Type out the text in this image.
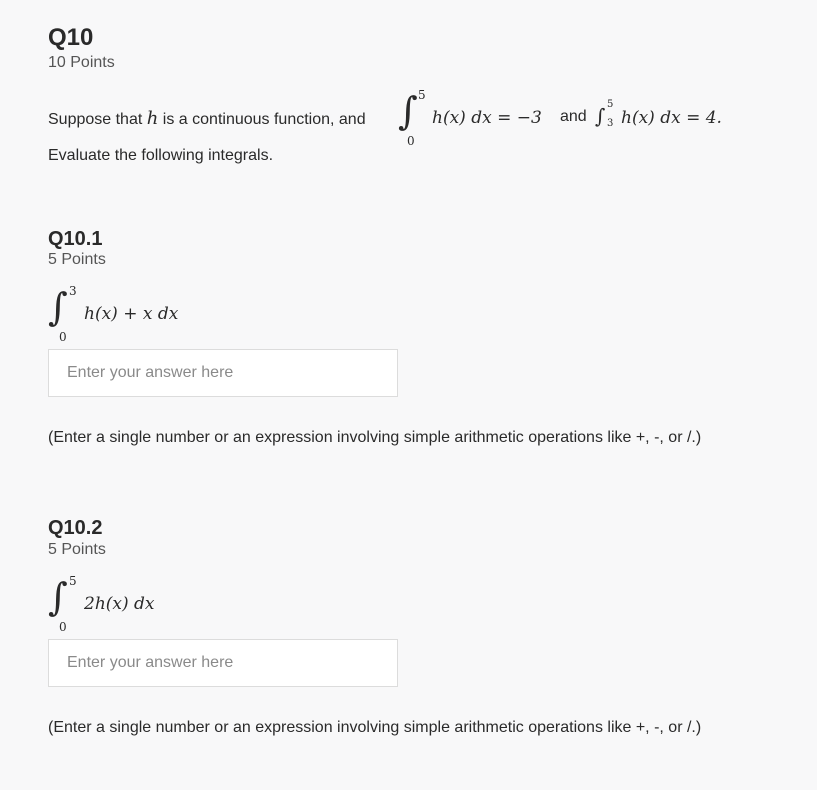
Q10
10 Points
Suppose that h is a continuous function, and ∫ 5
0
h(x) dx = −3 and ∫ 5
3 h(x) dx = 4.
Evaluate the following integrals.
Q10.1
5 Points
∫ 3
0
h(x) + x dx
Enter your answer here
(Enter a single number or an expression involving simple arithmetic operations like +, -, or /.)
Q10.2
5 Points
∫ 5
0
2h(x) dx
Enter your answer here
(Enter a single number or an expression involving simple arithmetic operations like +, -, or /.)
